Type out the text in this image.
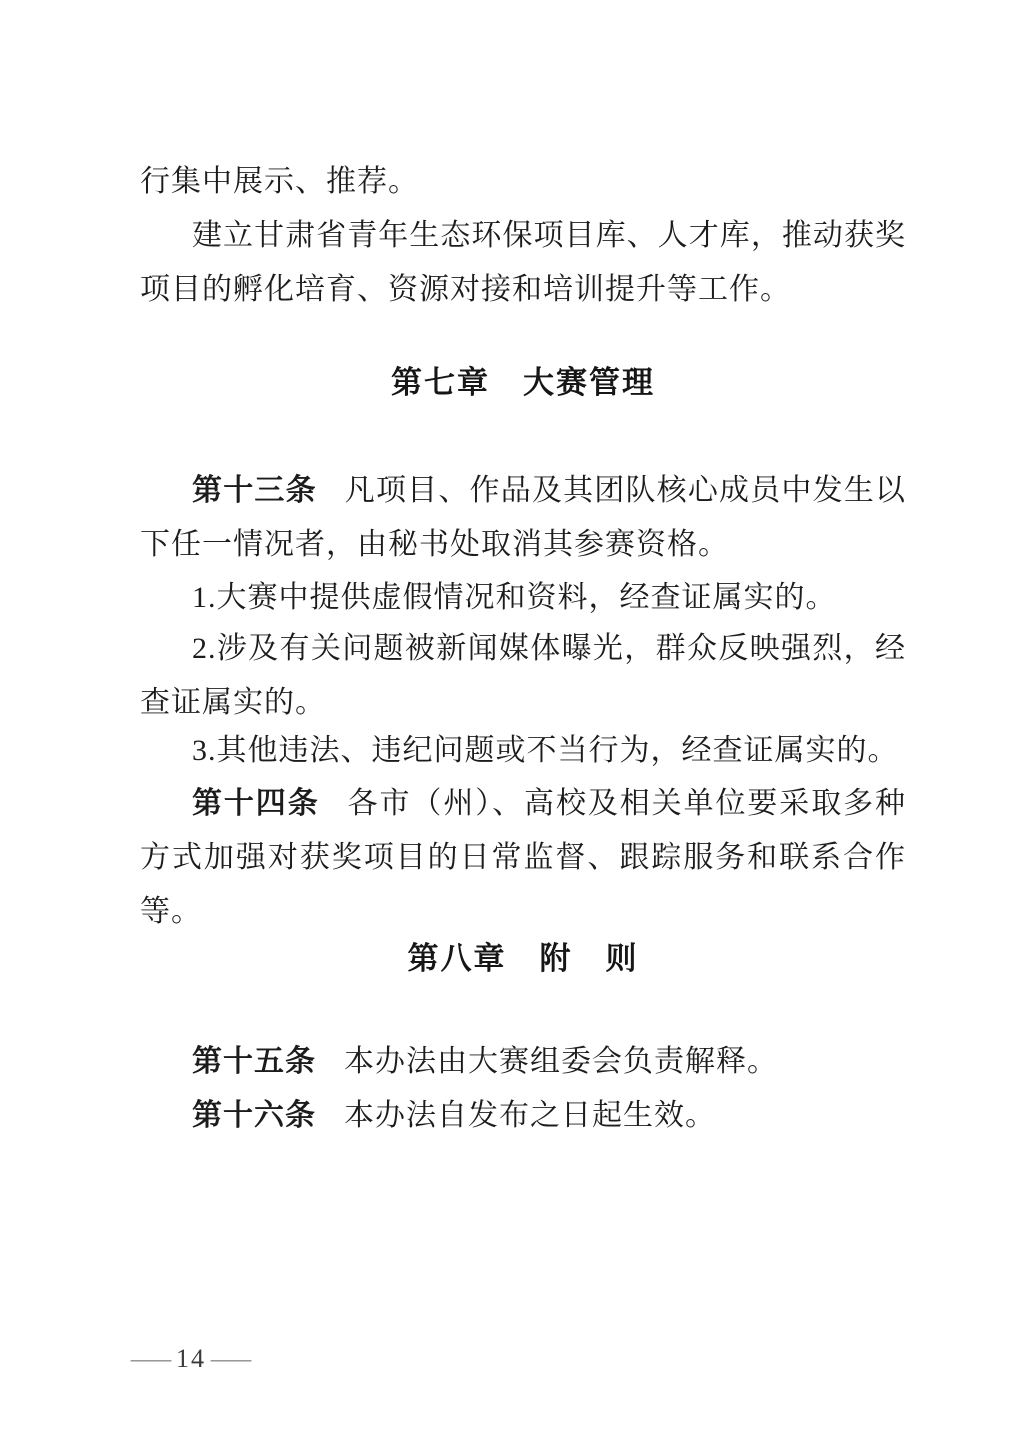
行集中展示、推荐。

建立甘肃省青年生态环保项目库、人才库，推动获奖项目的孵化培育、资源对接和培训提升等工作。

第七章　大赛管理

第十三条 凡项目、作品及其团队核心成员中发生以下任一情况者，由秘书处取消其参赛资格。

1.大赛中提供虚假情况和资料，经查证属实的。

2.涉及有关问题被新闻媒体曝光，群众反映强烈，经查证属实的。

3.其他违法、违纪问题或不当行为，经查证属实的。

第十四条 各市（州）、高校及相关单位要采取多种方式加强对获奖项目的日常监督、跟踪服务和联系合作等。

第八章　附　则

第十五条 本办法由大赛组委会负责解释。

第十六条 本办法自发布之日起生效。

— 14 —
